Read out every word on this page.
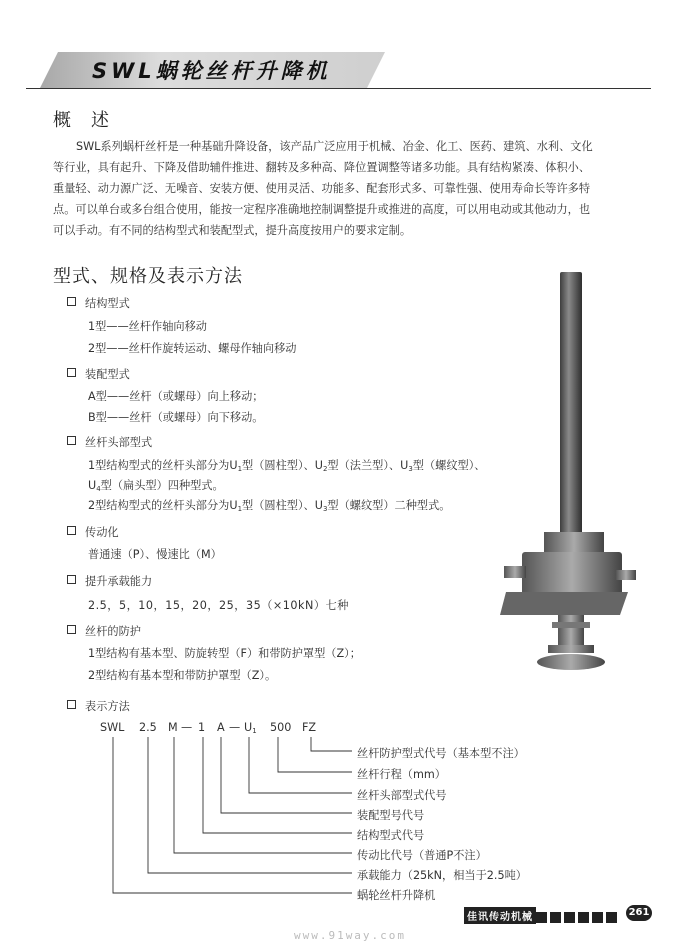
SWL蜗轮丝杆升降机
概　述
SWL系列蜗杆丝杆是一种基础升降设备，该产品广泛应用于机械、冶金、化工、医药、建筑、水利、文化
等行业，具有起升、下降及借助辅件推进、翻转及多种高、降位置调整等诸多功能。具有结构紧凑、体积小、
重量轻、动力源广泛、无噪音、安装方便、使用灵活、功能多、配套形式多、可靠性强、使用寿命长等许多特
点。可以单台或多台组合使用，能按一定程序准确地控制调整提升或推进的高度，可以用电动或其他动力，也
可以手动。有不同的结构型式和装配型式，提升高度按用户的要求定制。
型式、规格及表示方法
结构型式
1型——丝杆作轴向移动
2型——丝杆作旋转运动、螺母作轴向移动
装配型式
A型——丝杆（或螺母）向上移动；
B型——丝杆（或螺母）向下移动。
丝杆头部型式
1型结构型式的丝杆头部分为$U_1$型（圆柱型）、$U_2$型（法兰型）、$U_3$型（螺纹型）、
$U_4$型（扁头型）四种型式。
2型结构型式的丝杆头部分为$U_1$型（圆柱型）、$U_3$型（螺纹型）二种型式。
传动化
普通速（P）、慢速比（M）
提升承载能力
2.5，5，10，15，20，25，35（×10kN）七种
丝杆的防护
1型结构有基本型、防旋转型（F）和带防护罩型（Z）；
2型结构有基本型和带防护罩型（Z）。
表示方法
SWL 2.5 M — 1 A — $U_1$ 500 FZ
丝杆防护型式代号（基本型不注）
丝杆行程（mm）
丝杆头部型式代号
装配型号代号
结构型式代号
传动比代号（普通P不注）
承载能力（25kN，相当于2.5吨）
蜗轮丝杆升降机
佳讯传动机械	261
www.91way.com
